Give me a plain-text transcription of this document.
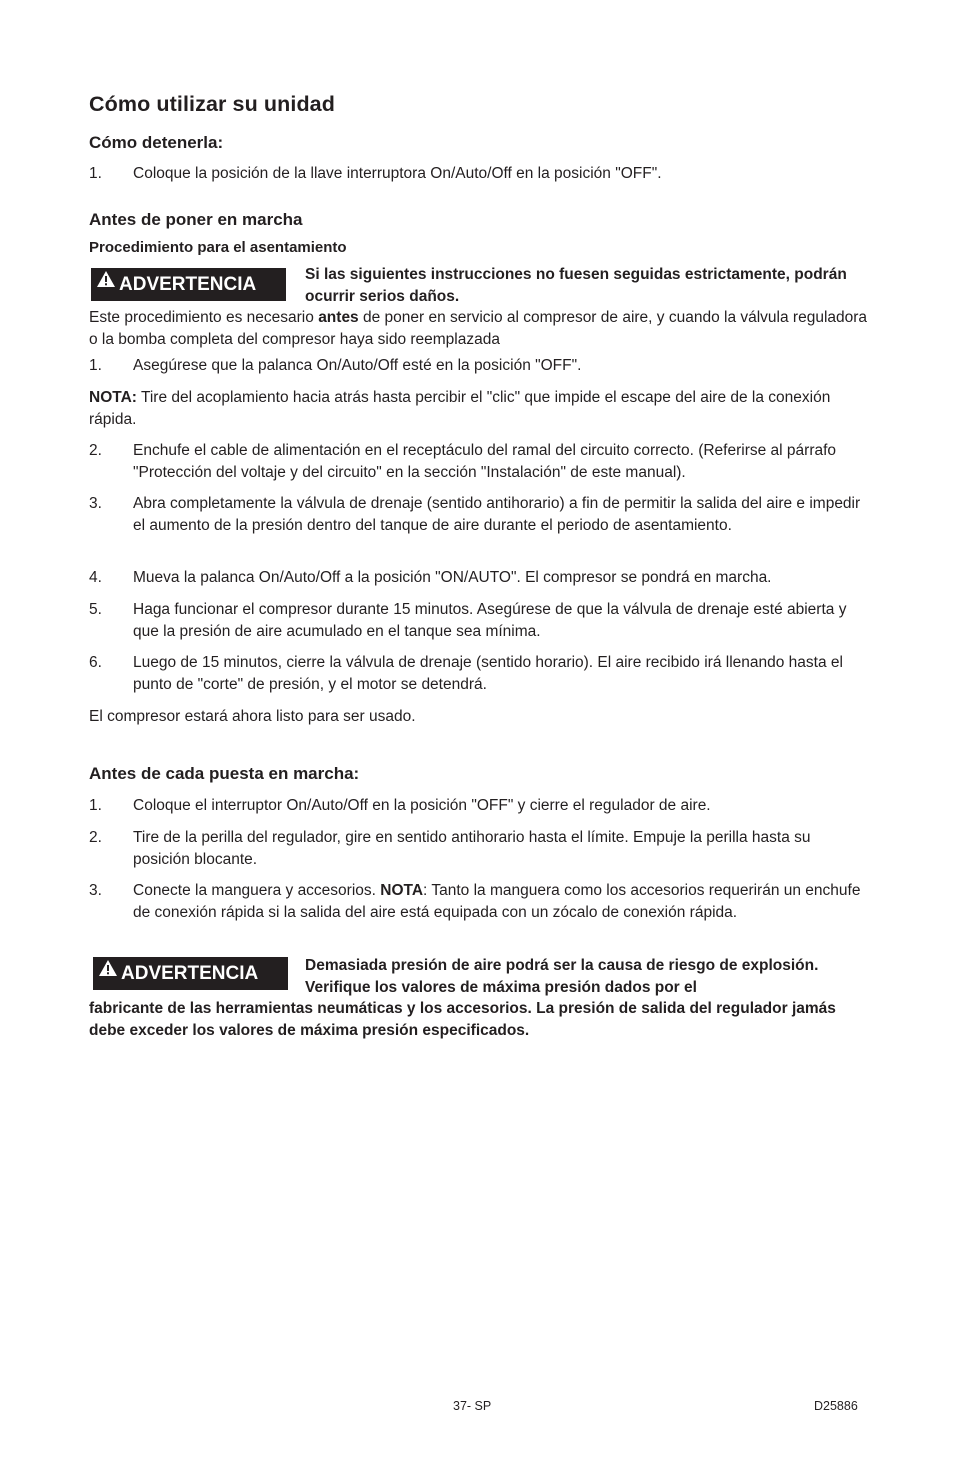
Cómo utilizar su unidad
Cómo detenerla:
1. Coloque la posición de la llave interruptora On/Auto/Off en la posición "OFF".
Antes de poner en marcha
Procedimiento para el asentamiento
ADVERTENCIA	Si las siguientes instrucciones no fuesen seguidas estrictamente, podrán ocurrir serios daños.

Este procedimiento es necesario antes de poner en servicio al compresor de aire, y cuando la válvula reguladora o la bomba completa del compresor haya sido reemplazada

1. Asegúrese que la palanca On/Auto/Off esté en la posición "OFF".

NOTA: Tire del acoplamiento hacia atrás hasta percibir el "clic" que impide el escape del aire de la conexión rápida.

2. Enchufe el cable de alimentación en el receptáculo del ramal del circuito correcto. (Referirse al párrafo "Protección del voltaje y del circuito" en la sección "Instalación" de este manual).
3. Abra completamente la válvula de drenaje (sentido antihorario) a fin de permitir la salida del aire e impedir el aumento de la presión dentro del tanque de aire durante el periodo de asentamiento.
4. Mueva la palanca On/Auto/Off a la posición "ON/AUTO". El compresor se pondrá en marcha.
5. Haga funcionar el compresor durante 15 minutos. Asegúrese de que la válvula de drenaje esté abierta y que la presión de aire acumulado en el tanque sea mínima.
6. Luego de 15 minutos, cierre la válvula de drenaje (sentido horario). El aire recibido irá llenando hasta el punto de "corte" de presión, y el motor se detendrá.

El compresor estará ahora listo para ser usado.

Antes de cada puesta en marcha:
1. Coloque el interruptor On/Auto/Off en la posición "OFF" y cierre el regulador de aire.
2. Tire de la perilla del regulador, gire en sentido antihorario hasta el límite. Empuje la perilla hasta su posición blocante.
3. Conecte la manguera y accesorios. NOTA: Tanto la manguera como los accesorios requerirán un enchufe de conexión rápida si la salida del aire está equipada con un zócalo de conexión rápida.
ADVERTENCIA	Demasiada presión de aire podrá ser la causa de riesgo de explosión. Verifique los valores de máxima presión dados por el
fabricante de las herramientas neumáticas y los accesorios. La presión de salida del regulador jamás debe exceder los valores de máxima presión especificados.
37- SP	D25886
